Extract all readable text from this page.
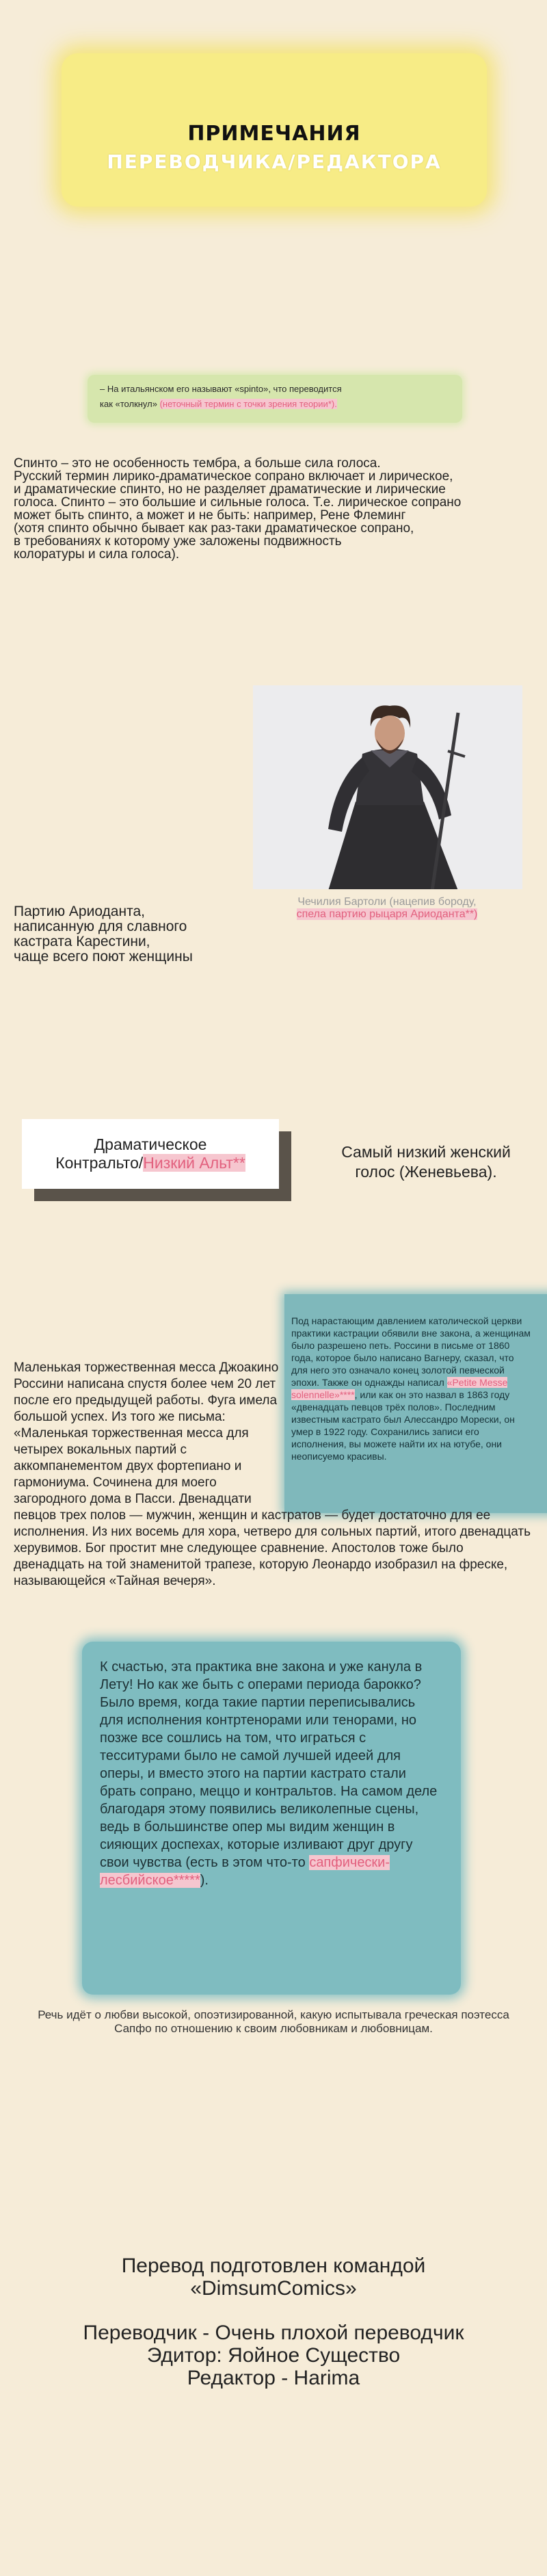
ПРИМЕЧАНИЯ
ПЕРЕВОДЧИКА/РЕДАКТОРА
– На итальянском его называют «spinto», что переводится
как «толкнул» (неточный термин с точки зрения теории*).
Спинто – это не особенность тембра, а больше сила голоса.
Русский термин лирико-драматическое сопрано включает и лирическое,
и драматические спинто, но не разделяет драматические и лирические
голоса. Спинто – это большие и сильные голоса. Т.е. лирическое сопрано
может быть спинто, а может и не быть: например, Рене Флеминг
(хотя спинто обычно бывает как раз-таки драматическое сопрано,
в требованиях к которому уже заложены подвижность
колоратуры и сила голоса).
Чечилия Бартоли (нацепив бороду, спела партию рыцаря Ариоданта**)
Партию Ариоданта,
написанную для славного
кастрата Карестини,
чаще всего поют женщины
Драматическое
Контральто/Низкий Альт**
Самый низкий женский голос (Женевьева).
Под нарастающим давлением католической церкви практики кастрации обявили вне закона, а женщинам было разрешено петь. Россини в письме от 1860 года, которое было написано Вагнеру, сказал, что для него это означало конец золотой певческой эпохи. Также он однажды написал «Petite Messe solennelle»****, или как он это назвал в 1863 году «двенадцать певцов трёх полов». Последним известным кастрато был Алессандро Морески, он умер в 1922 году. Сохранились записи его исполнения, вы можете найти их на ютубе, они неописуемо красивы.
Маленькая торжественная месса Джоакино Россини написана спустя более чем 20 лет после его предыдущей работы. Фуга имела большой успех. Из того же письма: «Маленькая торжественная месса для четырех вокальных партий с аккомпанементом двух фортепиано и гармониума. Сочинена для моего загородного дома в Пасси. Двенадцати певцов трех полов — мужчин, женщин и кастратов — будет достаточно для ее исполнения. Из них восемь для хора, четверо для сольных партий, итого двенадцать херувимов. Бог простит мне следующее сравнение. Апостолов тоже было двенадцать на той знаменитой трапезе, которую Леонардо изобразил на фреске, называющейся «Тайная вечеря».
К счастью, эта практика вне закона и уже канула в Лету! Но как же быть с операми периода барокко? Было время, когда такие партии переписывались для исполнения контртенорами или тенорами, но позже все сошлись на том, что играться с тесситурами было не самой лучшей идеей для оперы, и вместо этого на партии кастрато стали брать сопрано, меццо и контральтов. На самом деле благодаря этому появились великолепные сцены, ведь в большинстве опер мы видим женщин в сияющих доспехах, которые изливают друг другу свои чувства (есть в этом что-то сапфически-лесбийское*****).
Речь идёт о любви высокой, опоэтизированной, какую испытывала греческая поэтесса Сапфо по отношению к своим любовникам и любовницам.
Перевод подготовлен командой
«DimsumComics»
Переводчик - Очень плохой переводчик
Эдитор: Яойное Существо
Редактор - Harima
